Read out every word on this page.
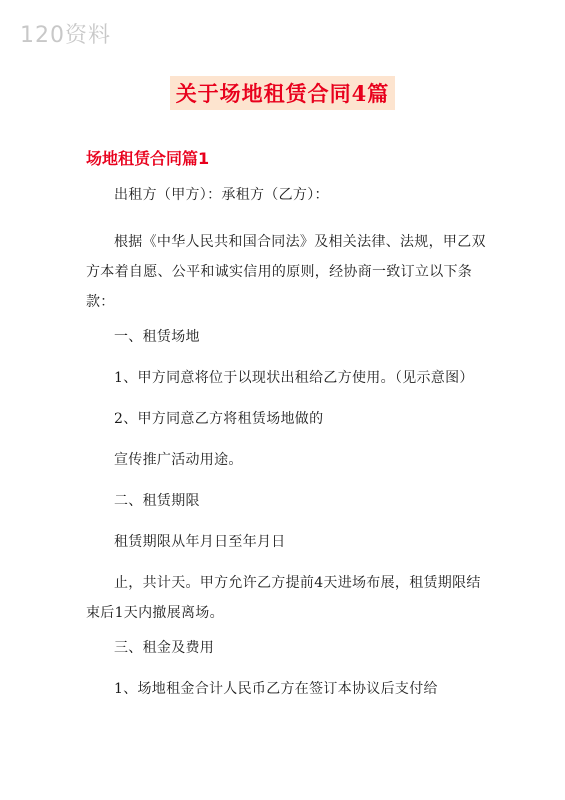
120资料
关于场地租赁合同4篇
场地租赁合同篇1

出租方（甲方）：承租方（乙方）：

根据《中华人民共和国合同法》及相关法律、法规，甲乙双方本着自愿、公平和诚实信用的原则，经协商一致订立以下条款：

一、租赁场地

1、甲方同意将位于以现状出租给乙方使用。（见示意图）

2、甲方同意乙方将租赁场地做的

宣传推广活动用途。

二、租赁期限

租赁期限从年月日至年月日

止，共计天。甲方允许乙方提前4天进场布展，租赁期限结束后1天内撤展离场。

三、租金及费用

1、场地租金合计人民币乙方在签订本协议后支付给
